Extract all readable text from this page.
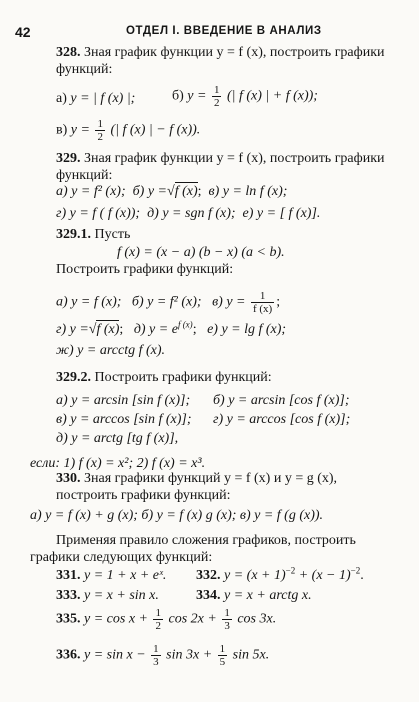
42	ОТДЕЛ I. ВВЕДЕНИЕ В АНАЛИЗ
328. Зная график функции y = f (x), построить графики функций:
а) y = | f (x) |;	б) $y = \frac{1}{2}$ (| f (x) | + f (x));
в) $y = \frac{1}{2}$ (| f (x) | − f (x)).
329. Зная график функции y = f (x), построить графики функций:
а) y = f² (x); б) y =√f (x); в) y = ln f (x);
г) y = f ( f (x)); д) y = sgn f (x); е) y = [ f (x)].
329.1. Пусть
f (x) = (x − a) (b − x) (a < b).
Построить графики функций:
а) y = f (x); б) y = f² (x); в) $y = \frac{1}{f (x)}$ ;
г) y =√f (x); д) $y = e^{f (x)}$; е) y = lg f (x);
ж) y = arcctg f (x).
329.2. Построить графики функций:
а) y = arcsin [sin f (x)]; б) y = arcsin [cos f (x)];
в) y = arccos [sin f (x)]; г) y = arccos [cos f (x)];
д) y = arctg [tg f (x)],
если: 1) f (x) = x²; 2) f (x) = x³.
330. Зная графики функций y = f (x) и y = g (x), построить графики функций:
а) y = f (x) + g (x); б) y = f (x) g (x); в) y = f (g (x)).
Применяя правило сложения графиков, построить графики следующих функций:
331. y = 1 + x + eˣ. 332. $y = (x + 1)^{-2} + (x - 1)^{-2}$.
333. y = x + sin x.	334. y = x + arctg x.
335. $y = \cos x + \frac{1}{2}$ $\cos 2x + \frac{1}{3}$ cos 3x.
336. $y = \sin x - \frac{1}{3}$ $\sin 3x + \frac{1}{5}$ sin 5x.
